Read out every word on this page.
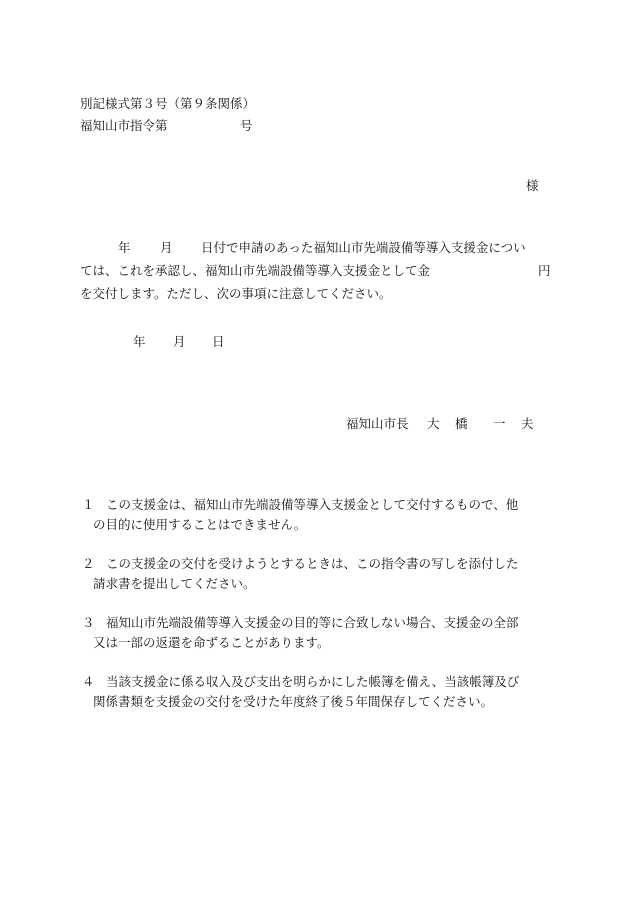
別記様式第３号（第９条関係）
福知山市指令第	号
様
年 月 日付で申請のあった福知山市先端設備等導入支援金につい
ては、これを承認し、福知山市先端設備等導入支援金として金	円
を交付します。ただし、次の事項に注意してください。
年 月 日
福知山市長 大 橋 一 夫
１ この支援金は、福知山市先端設備等導入支援金として交付するもので、他
の目的に使用することはできません。
２ この支援金の交付を受けようとするときは、この指令書の写しを添付した
請求書を提出してください。
３ 福知山市先端設備等導入支援金の目的等に合致しない場合、支援金の全部
又は一部の返還を命ずることがあります。
４ 当該支援金に係る収入及び支出を明らかにした帳簿を備え、当該帳簿及び
関係書類を支援金の交付を受けた年度終了後５年間保存してください。
